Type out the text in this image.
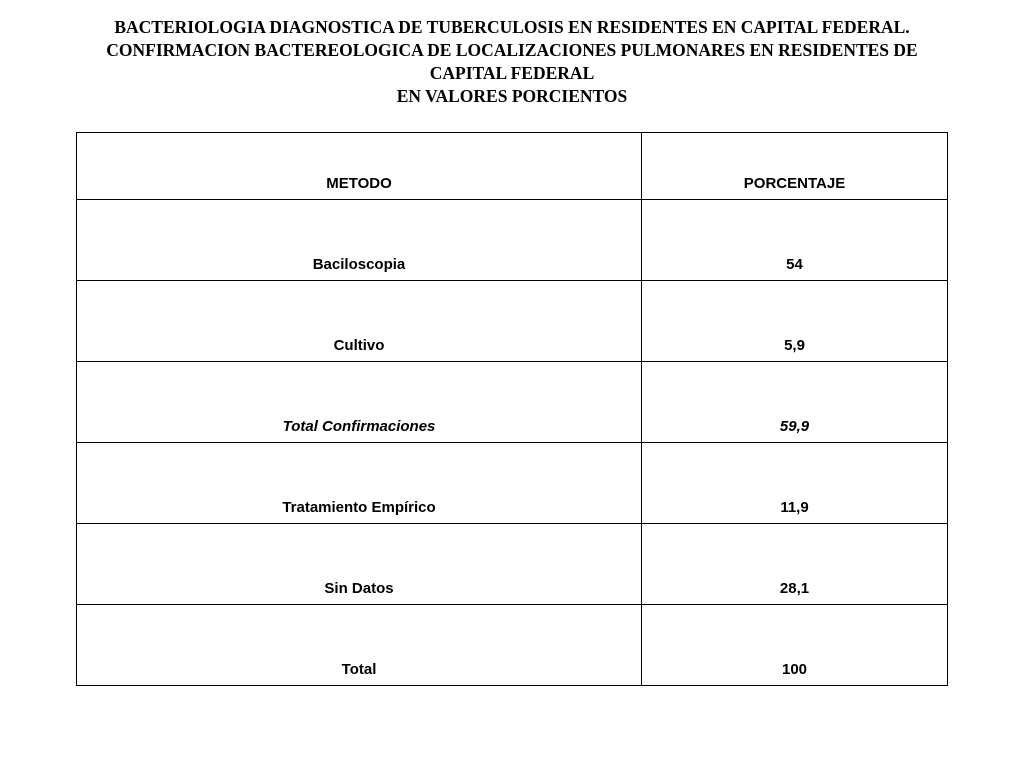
BACTERIOLOGIA DIAGNOSTICA DE TUBERCULOSIS EN RESIDENTES EN CAPITAL FEDERAL.
CONFIRMACION BACTEREOLOGICA DE LOCALIZACIONES PULMONARES EN RESIDENTES DE
CAPITAL FEDERAL
EN VALORES PORCIENTOS
METODO	PORCENTAJE
Baciloscopia	54
Cultivo	5,9
Total Confirmaciones	59,9
Tratamiento Empírico	11,9
Sin Datos	28,1
Total	100
